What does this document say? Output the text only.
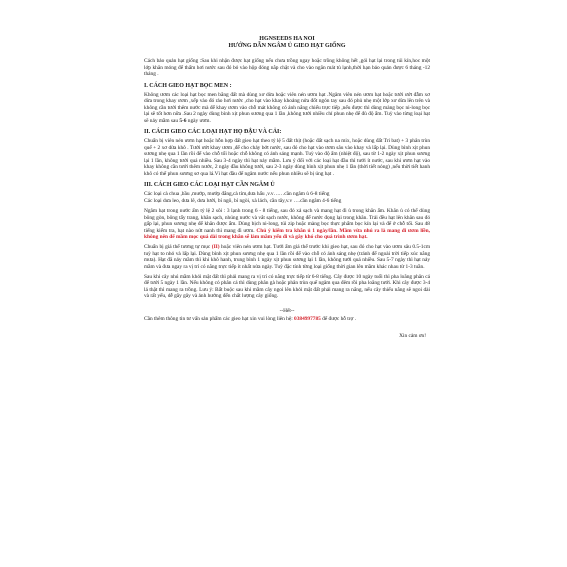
HGNSEEDS HA NOI
HƯỚNG DẪN NGÂM Ủ GIEO HẠT GIỐNG

Cách bảo quản hạt giống :Sau khi nhận được hạt giống nếu chưa trồng ngay hoặc trồng không hết ,gói hạt lại trong túi kín,hoc một lớp khăn mỏng để thấm hơi nước sau đó bỏ vào hộp đóng nắp chặt và cho vào ngăn mát tủ lạnh,thời hạn bảo quản được 6 tháng -12 tháng .

I. CÁCH GIEO HẠT BỌC MEN :

Không ươm các loại hạt bọc men bằng đất mà dùng xơ dừa hoặc viên nén ươm hạt .Ngâm viên nén ươm hạt hoặc tưới ướt đẫm xơ dừa trong khay ươm ,xếp vào đó rảo hơi nước ,cho hạt vào khay khoảng nửa đốt ngón tay sau đó phủ nhẹ một lớp xơ dừa lên trên và không cần tưới thêm nước mà để khay ươm vào chỗ mát không có ánh nắng chiếu trực tiếp ,nếu được thì dùng màng bọc ni-long bọc lại sẽ tốt hơn nữa .Sau 2 ngày dùng bình xịt phun sương qua 1 lần ,không tưới nhiều chỉ phun nhẹ để đủ độ ẩm. Tuỳ vào từng loại hạt sẽ nảy mầm sau 5-6 ngày ươm.

II. CÁCH GIEO CÁC LOẠI HẠT HỌ ĐẬU VÀ CẢI:

Chuẩn bị viên nén ươm hạt hoặc hỗn hợp đất gieo hạt theo tỷ lệ 5 đất thịt (hoặc đất sạch na mix, hoặc dùng đất Tri bat) + 3 phân trùn quế + 2 xơ dừa khô . Tưới ướt khay ươm ,để cho chảy bớt nước, sau đó cho hạt vào ươm sâu vào khay và lấp lại. Dùng bình xịt phun sương nhẹ qua 1 lần rồi để vào chỗ tối hoặc chỗ không có ánh sáng mạnh. Tuỳ vào độ ẩm (nhiệt độ), sau từ 1-2 ngày xịt phun sương lại 1 lần, không tưới quá nhiều. Sau 3-4 ngày thì hạt nảy mầm. Lưu ý đối với các loại hạt đầu thì tưới ít nước, sau khi ươm hạt vào khay không cần tưới thêm nước, 2 ngày đầu không tưới, sau 2-3 ngày dùng bình xịt phun nhẹ 1 lần (thời tiết nóng) ,nếu thời tiết hanh khô có thể phun sương sơ qua lá.Vì hạt đầu để ngâm nước nếu phun nhiều sẽ bị úng hạt .

III. CÁCH GIEO CÁC LOẠI HẠT CẦN NGÂM Ủ
Các loại cà chua ,bầu ,mướp, mướp đắng,cà tím,dưa hấu ,v.v……cần ngâm ủ 6-8 tiếng
Các loại dưa leo, dưa lê, dưa lưới, bí ngô, bí ngòi, xà lách, cần tây,v.v ….cần ngâm 4-6 tiếng

Ngâm hạt trong nước ấm tỷ lệ 2 sôi : 3 lạnh trong 6 - 8 tiếng, sau đó xả sạch và mang hạt đi ủ trong khăn ẩm. Khăn ủ có thể dùng bông gòn, bông tẩy trang, khăn sạch, nhúng nước và vắt sạch nước, không để nước đọng lại trong khăn. Trải đều hạt lên khăn sau đó gấp lại, phun sương nhẹ để khăn được ẩm. Dùng bịch ni-long, túi zip hoặc màng bọc thực phẩm bọc kín lại và để ở chỗ tối. Sau 48 tiếng kiểm tra, hạt nào nứt nanh thì mang đi ươm. Chú ý kiểm tra khăn ủ 1 ngày/lần. Mầm vừa nhú ra là mang đi ươm liền, không nên để mầm mọc quá dài trong khăn sẽ làm mầm yếu đi và gây khó cho quá trình ươm hạt.

Chuẩn bị giá thể tương tự mục (II) hoặc viên nén ươm hạt. Tưới ẩm giá thể trước khi gieo hạt, sau đó cho hạt vào ươm sâu 0.5-1cm tuỳ hạt to nhỏ và lấp lại. Dùng bình xịt phun sương nhẹ qua 1 lần rồi để vào chỗ có ánh sáng nhẹ (tránh để ngoài trời tiếp xúc nắng mưa). Hạt đã nảy mầm thì khi khô hanh, trung bình 1 ngày xịt phun sương lại 1 lần, không tưới quá nhiều. Sau 5-7 ngày thì hạt nảy mầm và đưa ngay ra vị trí có nắng trực tiếp ít nhất nửa ngày. Tuỳ đặc tính từng loại giống thời gian lên mầm khác nhau từ 1-3 tuần.

Sau khi cây nhú mầm khỏi mặt đất thì phải mang ra vị trí có nắng trực tiếp từ 6-8 tiếng. Cây được 10 ngày tuổi thì pha loãng phân cá để tưới 5 ngày 1 lần. Nếu không có phân cá thì dùng phân gà hoặc phân trùn quế ngâm qua đêm rồi pha loãng tưới. Khi cây được 3-4 lá thật thì mang ra trồng. Lưu ý: Bất buộc sau khi mầm cây ngoi lên khỏi mặt đất phải mang ra nắng, nếu cây thiếu nắng sẽ ngoi dài và rất yếu, dễ gãy gây và ảnh hưởng đến chất lượng cây giống.

--Hết--
Cần thêm thông tin tư vấn sản phẩm các gieo hạt xin vui lòng liên hệ: 0384997785 để được hỗ trợ .
Xin cảm ơn!
